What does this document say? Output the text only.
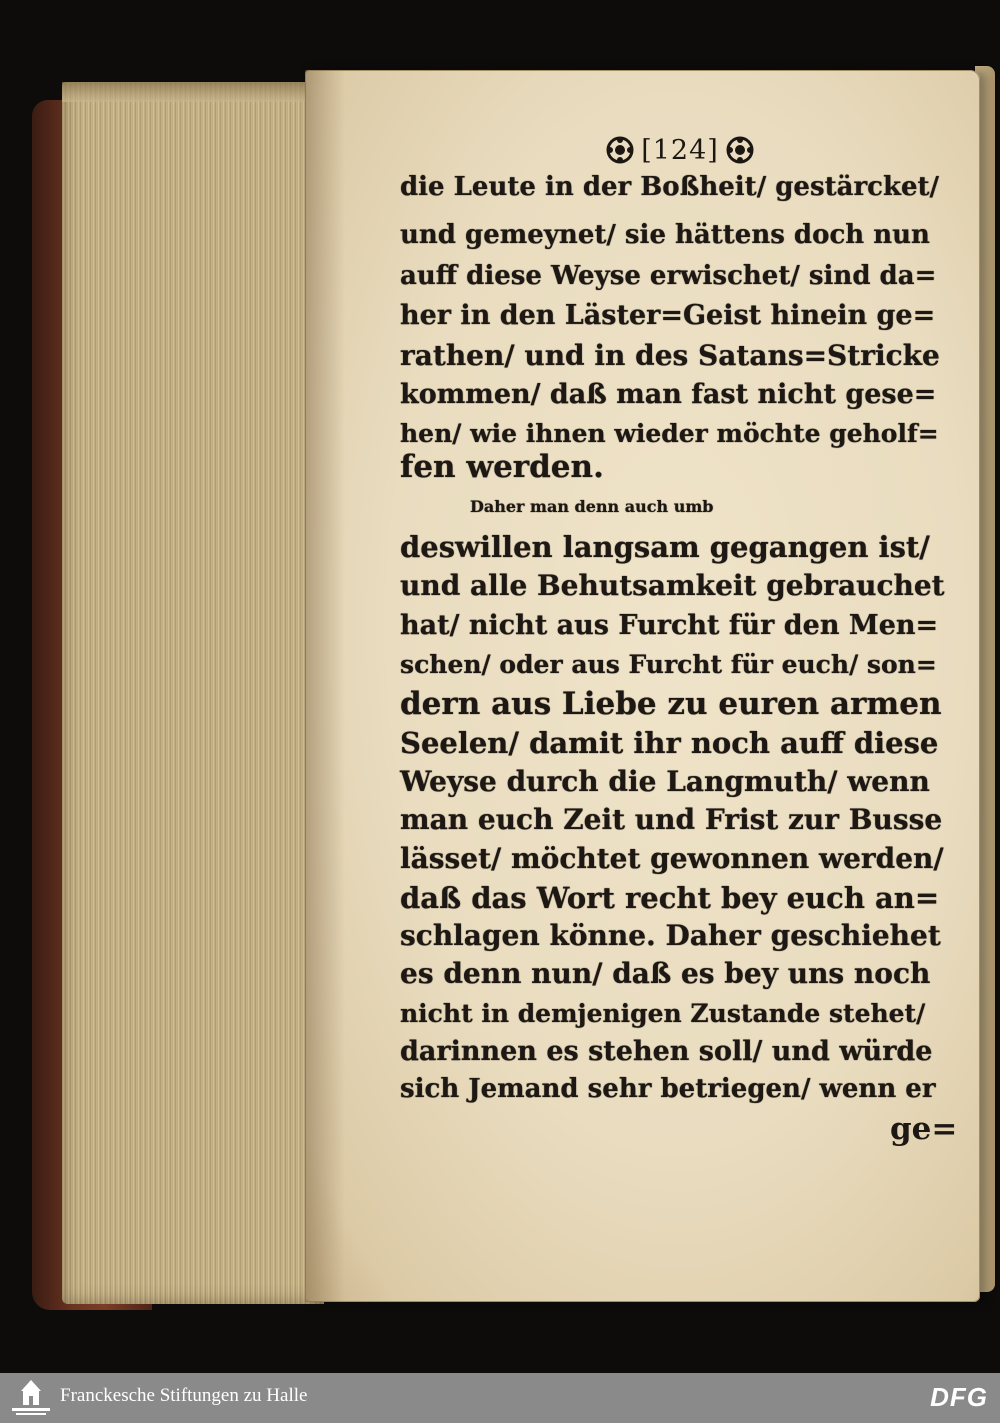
[124]
die Leute in der Boßheit/ gestärcket/
und gemeynet/ sie hättens doch nun
auff diese Weyse erwischet/ sind da=
her in den Läster=Geist hinein ge=
rathen/ und in des Satans=Stricke
kommen/ daß man fast nicht gese=
hen/ wie ihnen wieder möchte geholf=
fen werden.
Daher man denn auch umb
deswillen langsam gegangen ist/
und alle Behutsamkeit gebrauchet
hat/ nicht aus Furcht für den Men=
schen/ oder aus Furcht für euch/ son=
dern aus Liebe zu euren armen
Seelen/ damit ihr noch auff diese
Weyse durch die Langmuth/ wenn
man euch Zeit und Frist zur Busse
lässet/ möchtet gewonnen werden/
daß das Wort recht bey euch an=
schlagen könne. Daher geschiehet
es denn nun/ daß es bey uns noch
nicht in demjenigen Zustande stehet/
darinnen es stehen soll/ und würde
sich Jemand sehr betriegen/ wenn er
ge=
Franckesche Stiftungen zu Halle	DFG
